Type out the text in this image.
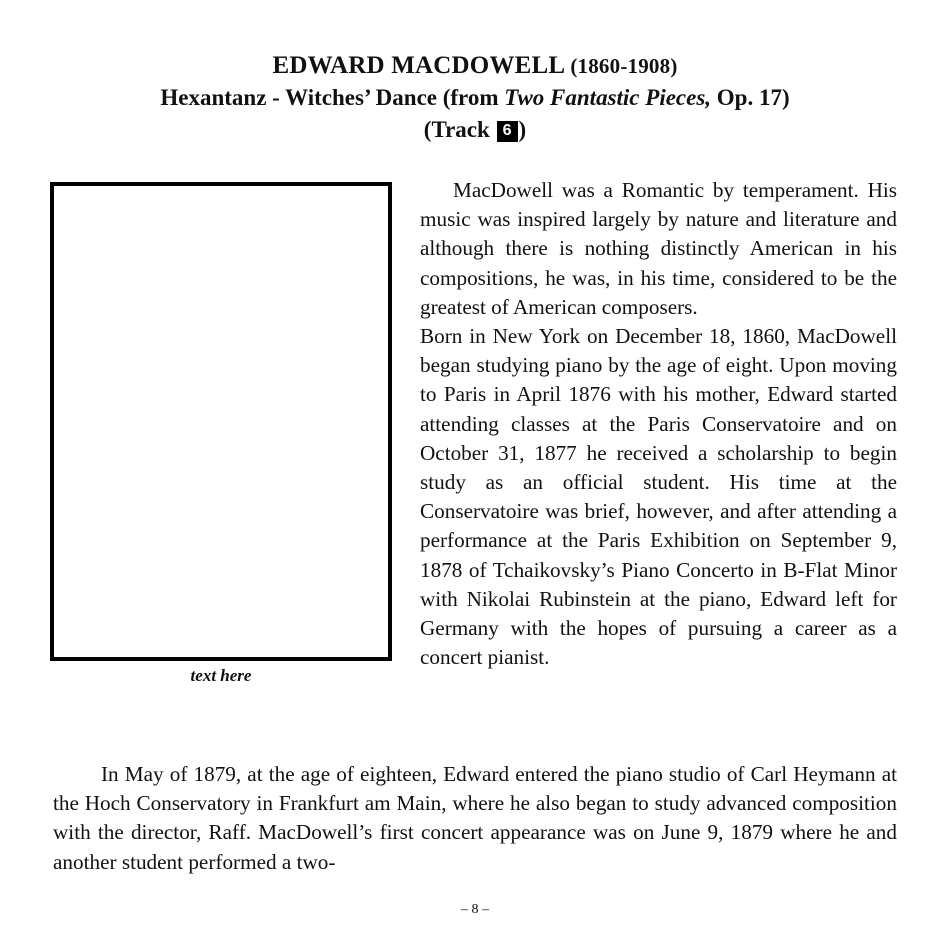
EDWARD MACDOWELL (1860-1908)
Hexantanz - Witches’ Dance (from Two Fantastic Pieces, Op. 17)
(Track 6 )
text here

MacDowell was a Romantic by temperament. His music was inspired largely by nature and literature and although there is nothing distinctly American in his compositions, he was, in his time, considered to be the greatest of American composers.

Born in New York on December 18, 1860, MacDowell began studying piano by the age of eight. Upon moving to Paris in April 1876 with his mother, Edward started attending classes at the Paris Conservatoire and on October 31, 1877 he received a scholarship to begin study as an official student. His time at the Conservatoire was brief, however, and after attending a performance at the Paris Exhibition on September 9, 1878 of Tchaikovsky’s Piano Concerto in B-Flat Minor with Nikolai Rubinstein at the piano, Edward left for Germany with the hopes of pursuing a career as a concert pianist.

In May of 1879, at the age of eighteen, Edward entered the piano studio of Carl Heymann at the Hoch Conservatory in Frankfurt am Main, where he also began to study advanced composition with the director, Raff. MacDowell’s first concert appearance was on June 9, 1879 where he and another student performed a two-

– 8 –
